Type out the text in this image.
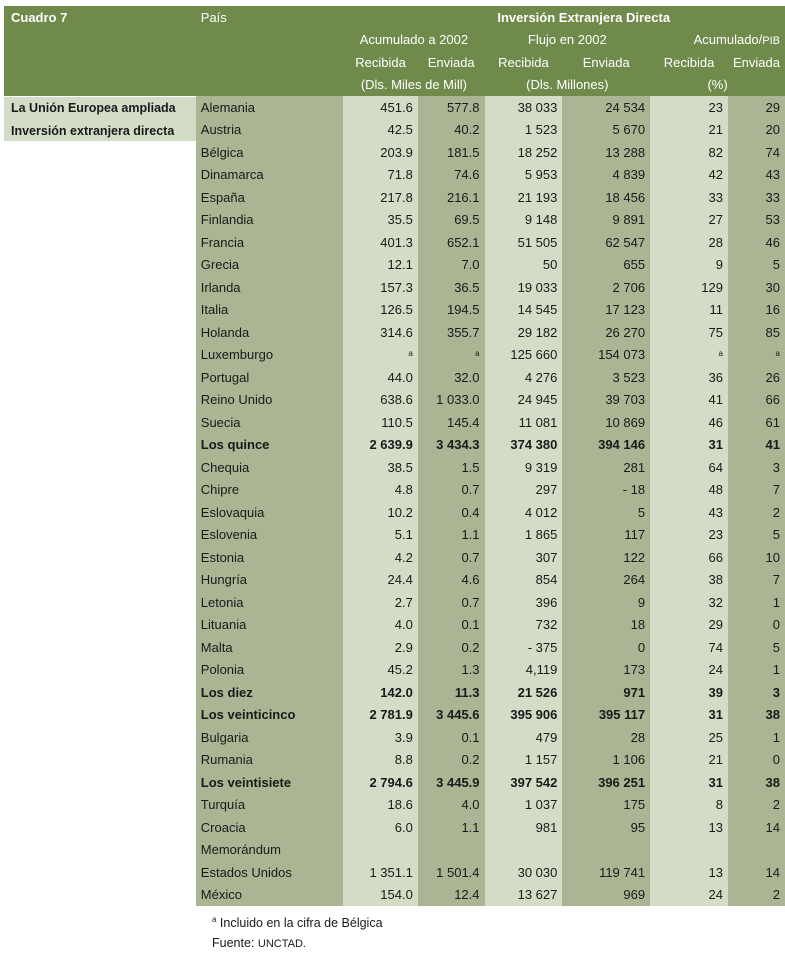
La Unión Europea ampliada
Inversión extranjera directa
Cuadro 7	País			Inversión Extranjera Directa			
		Acumulado a 2002		Flujo en 2002		Acumulado/PIB	
		Recibida	Enviada	Recibida	Enviada	Recibida	Enviada
		(Dls. Miles de Mill)		(Dls. Millones)		(%)	
	Alemania	451.6	577.8	38 033	24 534	23	29
	Austria	42.5	40.2	1 523	5 670	21	20
	Bélgica	203.9	181.5	18 252	13 288	82	74
	Dinamarca	71.8	74.6	5 953	4 839	42	43
	España	217.8	216.1	21 193	18 456	33	33
	Finlandia	35.5	69.5	9 148	9 891	27	53
	Francia	401.3	652.1	51 505	62 547	28	46
	Grecia	12.1	7.0	50	655	9	5
	Irlanda	157.3	36.5	19 033	2 706	129	30
	Italia	126.5	194.5	14 545	17 123	11	16
	Holanda	314.6	355.7	29 182	26 270	75	85
	Luxemburgo	$^a$	$^a$	125 660	154 073	$^a$	$^a$
	Portugal	44.0	32.0	4 276	3 523	36	26
	Reino Unido	638.6	1 033.0	24 945	39 703	41	66
	Suecia	110.5	145.4	11 081	10 869	46	61
	Los quince	2 639.9	3 434.3	374 380	394 146	31	41
	Chequia	38.5	1.5	9 319	281	64	3
	Chipre	4.8	0.7	297	- 18	48	7
	Eslovaquia	10.2	0.4	4 012	5	43	2
	Eslovenia	5.1	1.1	1 865	117	23	5
	Estonia	4.2	0.7	307	122	66	10
	Hungría	24.4	4.6	854	264	38	7
	Letonia	2.7	0.7	396	9	32	1
	Lituania	4.0	0.1	732	18	29	0
	Malta	2.9	0.2	- 375	0	74	5
	Polonia	45.2	1.3	4,119	173	24	1
	Los diez	142.0	11.3	21 526	971	39	3
	Los veinticinco	2 781.9	3 445.6	395 906	395 117	31	38
	Bulgaria	3.9	0.1	479	28	25	1
	Rumania	8.8	0.2	1 157	1 106	21	0
	Los veintisiete	2 794.6	3 445.9	397 542	396 251	31	38
	Turquía	18.6	4.0	1 037	175	8	2
	Croacia	6.0	1.1	981	95	13	14
	Memorándum						
	Estados Unidos	1 351.1	1 501.4	30 030	119 741	13	14
	México	154.0	12.4	13 627	969	24	2
$^a$ Incluido en la cifra de Bélgica
Fuente: UNCTAD.
